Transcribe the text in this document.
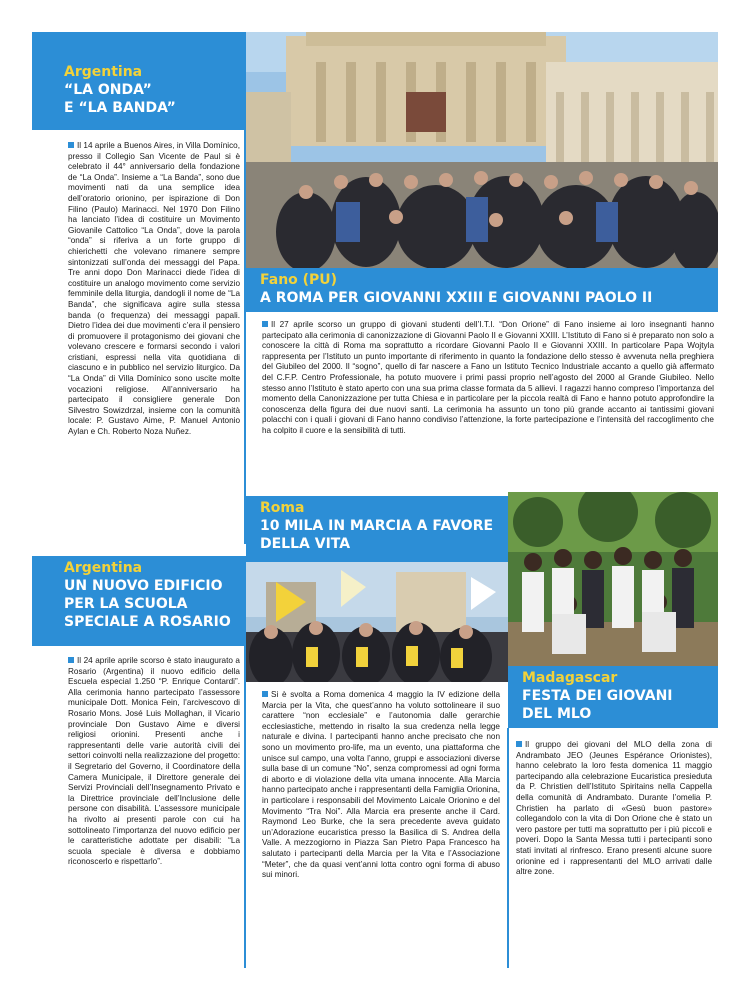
Argentina
“LA ONDA”
E “LA BANDA”

Il 14 aprile a Buenos Aires, in Villa Domínico, presso il Collegio San Vicente de Paul si è celebrato il 44° anniversario della fondazione de “La Onda”. Insieme a “La Banda”, sono due movimenti nati da una semplice idea dell’oratorio orionino, per ispirazione di Don Filino (Paulo) Marinacci. Nel 1970 Don Filino ha lanciato l’idea di costituire un Movimento Giovanile Cattolico “La Onda”, dove la parola “onda” si riferiva a un forte gruppo di chierichetti che volevano rimanere sempre sintonizzati sull’onda dei messaggi del Papa. Tre anni dopo Don Marinacci diede l’idea di costituire un analogo movimento come servizio femminile della liturgia, dandogli il nome de “La Banda”, che significava agire sulla stessa banda (o frequenza) dei messaggi papali. Dietro l’idea dei due movimenti c’era il pensiero di promuovere il protagonismo dei giovani che volevano crescere e formarsi secondo i valori cristiani, espressi nella vita quotidiana di ciascuno e in pubblico nel servizio liturgico. Da “La Onda” di Villa Domínico sono uscite molte vocazioni religiose. All’anniversario ha partecipato il consigliere generale Don Silvestro Sowizdrzal, insieme con la comunità locale: P. Gustavo Aime, P. Manuel Antonio Aylan e Ch. Roberto Noza Nuñez.

Fano (PU)
A ROMA PER GIOVANNI XXIII E GIOVANNI PAOLO II

Il 27 aprile scorso un gruppo di giovani studenti dell’I.T.I. “Don Orione” di Fano insieme ai loro insegnanti hanno partecipato alla cerimonia di canonizzazione di Giovanni Paolo II e Giovanni XXIII. L’Istituto di Fano si è preparato non solo a conoscere la città di Roma ma soprattutto a ricordare Giovanni Paolo II e Giovanni XXIII. In particolare Papa Wojtyla rappresenta per l’Istituto un punto importante di riferimento in quanto la fondazione dello stesso è avvenuta nella preghiera del Giubileo del 2000. Il “sogno”, quello di far nascere a Fano un Istituto Tecnico Industriale accanto a quello già affermato del C.F.P. Centro Professionale, ha potuto muovere i primi passi proprio nell’agosto del 2000 al Grande Giubileo. Nello stesso anno l’Istituto è stato aperto con una sua prima classe formata da 5 allievi. I ragazzi hanno compreso l’importanza del momento della Canonizzazione per tutta Chiesa e in particolare per la piccola realtà di Fano e hanno potuto approfondire la conoscenza della figura dei due nuovi santi. La cerimonia ha assunto un tono più grande accanto ai tantissimi giovani polacchi con i quali i giovani di Fano hanno condiviso l’attenzione, la forte partecipazione e l’intensità del raccoglimento che ha colpito il cuore e la sensibilità di tutti.

Argentina
UN NUOVO EDIFICIO
PER LA SCUOLA
SPECIALE A ROSARIO

Il 24 aprile aprile scorso è stato inaugurato a Rosario (Argentina) il nuovo edificio della Escuela especial 1.250 “P. Enrique Contardi”. Alla cerimonia hanno partecipato l’assessore municipale Dott. Monica Fein, l’arcivescovo di Rosario Mons. José Luis Mollaghan, il Vicario provinciale Don Gustavo Aime e diversi religiosi orionini. Presenti anche i rappresentanti delle varie autorità civili dei settori coinvolti nella realizzazione del progetto: il Segretario del Governo, il Coordinatore della Camera Municipale, il Direttore generale dei Servizi Provinciali dell’Insegnamento Privato e la Direttrice provinciale dell’Inclusione delle persone con disabilità. L’assessore municipale ha rivolto ai presenti parole con cui ha sottolineato l’importanza del nuovo edificio per le caratteristiche adottate per disabili: “La scuola speciale è diversa e dobbiamo riconoscerlo e rispettarlo”.

Roma
10 MILA IN MARCIA A FAVORE
DELLA VITA

Si è svolta a Roma domenica 4 maggio la IV edizione della Marcia per la Vita, che quest’anno ha voluto sottolineare il suo carattere “non ecclesiale” e l’autonomia dalle gerarchie ecclesiastiche, mettendo in risalto la sua credenza nella legge naturale e divina. I partecipanti hanno anche precisato che non sono un movimento pro-life, ma un evento, una piattaforma che unisce sul campo, una volta l’anno, gruppi e associazioni diverse sulla base di un comune “No”, senza compromessi ad ogni forma di aborto e di violazione della vita umana innocente. Alla Marcia hanno partecipato anche i rappresentanti della Famiglia Orionina, in particolare i responsabili del Movimento Laicale Orionino e del Movimento “Tra Noi”. Alla Marcia era presente anche il Card. Raymond Leo Burke, che la sera precedente aveva guidato un’Adorazione eucaristica presso la Basilica di S. Andrea della Valle. A mezzogiorno in Piazza San Pietro Papa Francesco ha salutato i partecipanti della Marcia per la Vita e l’Associazione “Meter”, che da quasi vent’anni lotta contro ogni forma di abuso sui minori.

Madagascar
FESTA DEI GIOVANI
DEL MLO

Il gruppo dei giovani del MLO della zona di Andrambato JEO (Jeunes Espérance Orionistes), hanno celebrato la loro festa domenica 11 maggio partecipando alla celebrazione Eucaristica presieduta da P. Christien dell’Istituto Spiritains nella Cappella della comunità di Andrambato. Durante l’omelia P. Christien ha parlato di «Gesù buon pastore» collegandolo con la vita di Don Orione che è stato un vero pastore per tutti ma soprattutto per i più piccoli e poveri. Dopo la Santa Messa tutti i partecipanti sono stati invitati al rinfresco. Erano presenti alcune suore orionine ed i rappresentanti del MLO arrivati dalle altre zone.
